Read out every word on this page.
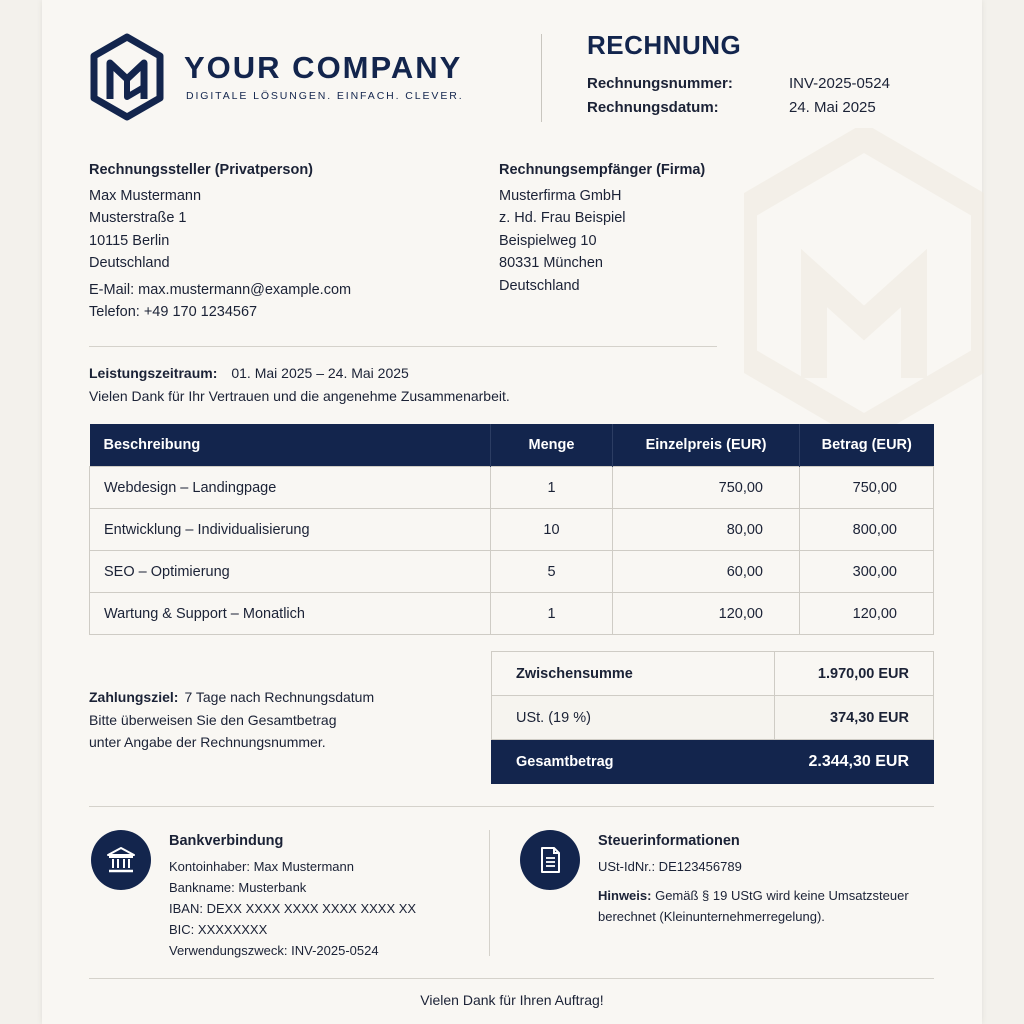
YOUR COMPANY
DIGITALE LÖSUNGEN. EINFACH. CLEVER.
RECHNUNG
Rechnungsnummer:	INV-2025-0524
Rechnungsdatum:	24. Mai 2025
Rechnungssteller (Privatperson)
Max Mustermann
Musterstraße 1
10115 Berlin
Deutschland
E-Mail: max.mustermann@example.com
Telefon: +49 170 1234567
Rechnungsempfänger (Firma)
Musterfirma GmbH
z. Hd. Frau Beispiel
Beispielweg 10
80331 München
Deutschland
Leistungszeitraum: 01. Mai 2025 – 24. Mai 2025
Vielen Dank für Ihr Vertrauen und die angenehme Zusammenarbeit.
Beschreibung	Menge	Einzelpreis (EUR)	Betrag (EUR)
Webdesign – Landingpage	1	750,00	750,00
Entwicklung – Individualisierung	10	80,00	800,00
SEO – Optimierung	5	60,00	300,00
Wartung & Support – Monatlich	1	120,00	120,00
Zahlungsziel: 7 Tage nach Rechnungsdatum
Bitte überweisen Sie den Gesamtbetrag
unter Angabe der Rechnungsnummer.
Zwischensumme	1.970,00 EUR
USt. (19 %)	374,30 EUR
Gesamtbetrag	2.344,30 EUR
Bankverbindung
Kontoinhaber: Max Mustermann
Bankname: Musterbank
IBAN: DEXX XXXX XXXX XXXX XXXX XX
BIC: XXXXXXXX
Verwendungszweck: INV-2025-0524
Steuerinformationen
USt-IdNr.: DE123456789
Hinweis: Gemäß § 19 UStG wird keine Umsatzsteuer
berechnet (Kleinunternehmerregelung).
Vielen Dank für Ihren Auftrag!
